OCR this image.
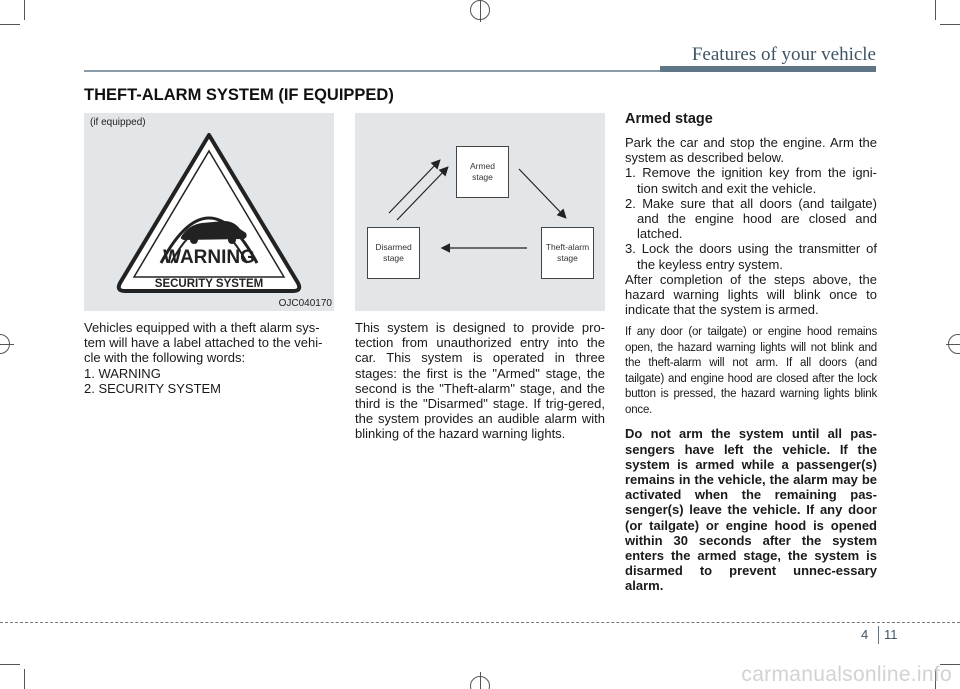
Features of your vehicle
THEFT-ALARM SYSTEM (IF EQUIPPED)
(if equipped)
WARNING
SECURITY SYSTEM
OJC040170
Vehicles equipped with a theft alarm sys-
tem will have a label attached to the vehi-
cle with the following words:
1. WARNING
2. SECURITY SYSTEM
Armed
stage
Theft-alarm
stage
Disarmed
stage

This system is designed to provide pro-tection from unauthorized entry into the car. This system is operated in three stages: the first is the "Armed" stage, the second is the "Theft-alarm" stage, and the third is the "Disarmed" stage. If trig-gered, the system provides an audible alarm with blinking of the hazard warning lights.

Armed stage

Park the car and stop the engine. Arm the system as described below.

1. Remove the ignition key from the igni-tion switch and exit the vehicle.
2. Make sure that all doors (and tailgate) and the engine hood are closed and latched.
3. Lock the doors using the transmitter of the keyless entry system.

After completion of the steps above, the hazard warning lights will blink once to indicate that the system is armed.

If any door (or tailgate) or engine hood remains open, the hazard warning lights will not blink and the theft-alarm will not arm. If all doors (and tailgate) and engine hood are closed after the lock button is pressed, the hazard warning lights blink once.

Do not arm the system until all pas-sengers have left the vehicle. If the system is armed while a passenger(s) remains in the vehicle, the alarm may be activated when the remaining pas-senger(s) leave the vehicle. If any door (or tailgate) or engine hood is opened within 30 seconds after the system enters the armed stage, the system is disarmed to prevent unnec-essary alarm.

4 11
carmanualsonline.info
